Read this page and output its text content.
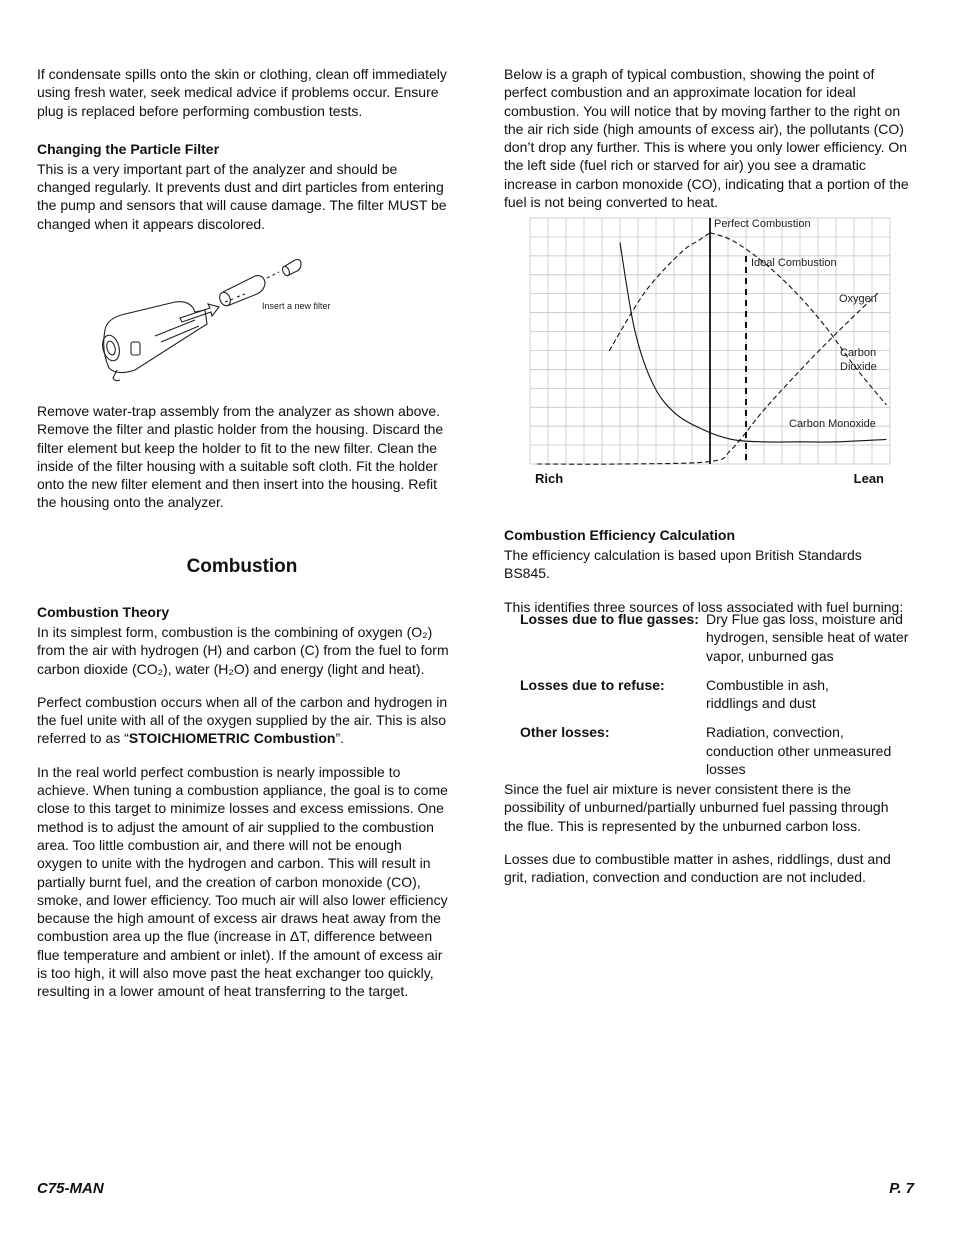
If condensate spills onto the skin or clothing, clean off immediately using fresh water, seek medical advice if problems occur. Ensure plug is replaced before performing combustion tests.

Changing the Particle Filter

This is a very important part of the analyzer and should be changed regularly. It prevents dust and dirt particles from entering the pump and sensors that will cause damage. The filter MUST be changed when it appears discolored.

Insert a new filter

Remove water-trap assembly from the analyzer as shown above. Remove the filter and plastic holder from the housing. Discard the filter element but keep the holder to fit to the new filter. Clean the inside of the filter housing with a suitable soft cloth. Fit the holder onto the new filter element and then insert into the housing. Refit the housing onto the analyzer.

Combustion
Combustion Theory

In its simplest form, combustion is the combining of oxygen (O₂) from the air with hydrogen (H) and carbon (C) from the fuel to form carbon dioxide (CO₂), water (H₂O) and energy (light and heat).

Perfect combustion occurs when all of the carbon and hydrogen in the fuel unite with all of the oxygen supplied by the air. This is also referred to as “STOICHIOMETRIC Combustion”.

In the real world perfect combustion is nearly impossible to achieve. When tuning a combustion appliance, the goal is to come close to this target to minimize losses and excess emissions. One method is to adjust the amount of air supplied to the combustion area. Too little combustion air, and there will not be enough oxygen to unite with the hydrogen and carbon. This will result in partially burnt fuel, and the creation of carbon monoxide (CO), smoke, and lower efficiency. Too much air will also lower efficiency because the high amount of excess air draws heat away from the combustion area up the flue (increase in ΔT, difference between flue temperature and ambient or inlet). If the amount of excess air is too high, it will also move past the heat exchanger too quickly, resulting in a lower amount of heat transferring to the target.

Below is a graph of typical combustion, showing the point of perfect combustion and an approximate location for ideal combustion. You will notice that by moving farther to the right on the air rich side (high amounts of excess air), the pollutants (CO) don’t drop any further. This is where you only lower efficiency. On the left side (fuel rich or starved for air) you see a dramatic increase in carbon monoxide (CO), indicating that a portion of the fuel is not being converted to heat.

Perfect Combustion
Ideal Combustion
Oxygen
Carbon
Dioxide
Carbon Monoxide
Rich	Lean
Combustion Efficiency Calculation

The efficiency calculation is based upon British Standards BS845.

This identifies three sources of loss associated with fuel burning:

Losses due to flue gasses: Dry Flue gas loss, moisture and hydrogen, sensible heat of water vapor, unburned gas
Losses due to refuse:	Combustible in ash, riddlings and dust
Other losses:	Radiation, convection, conduction other unmeasured losses

Since the fuel air mixture is never consistent there is the possibility of unburned/partially unburned fuel passing through the flue. This is represented by the unburned carbon loss.

Losses due to combustible matter in ashes, riddlings, dust and grit, radiation, convection and conduction are not included.

C75-MAN	P. 7
